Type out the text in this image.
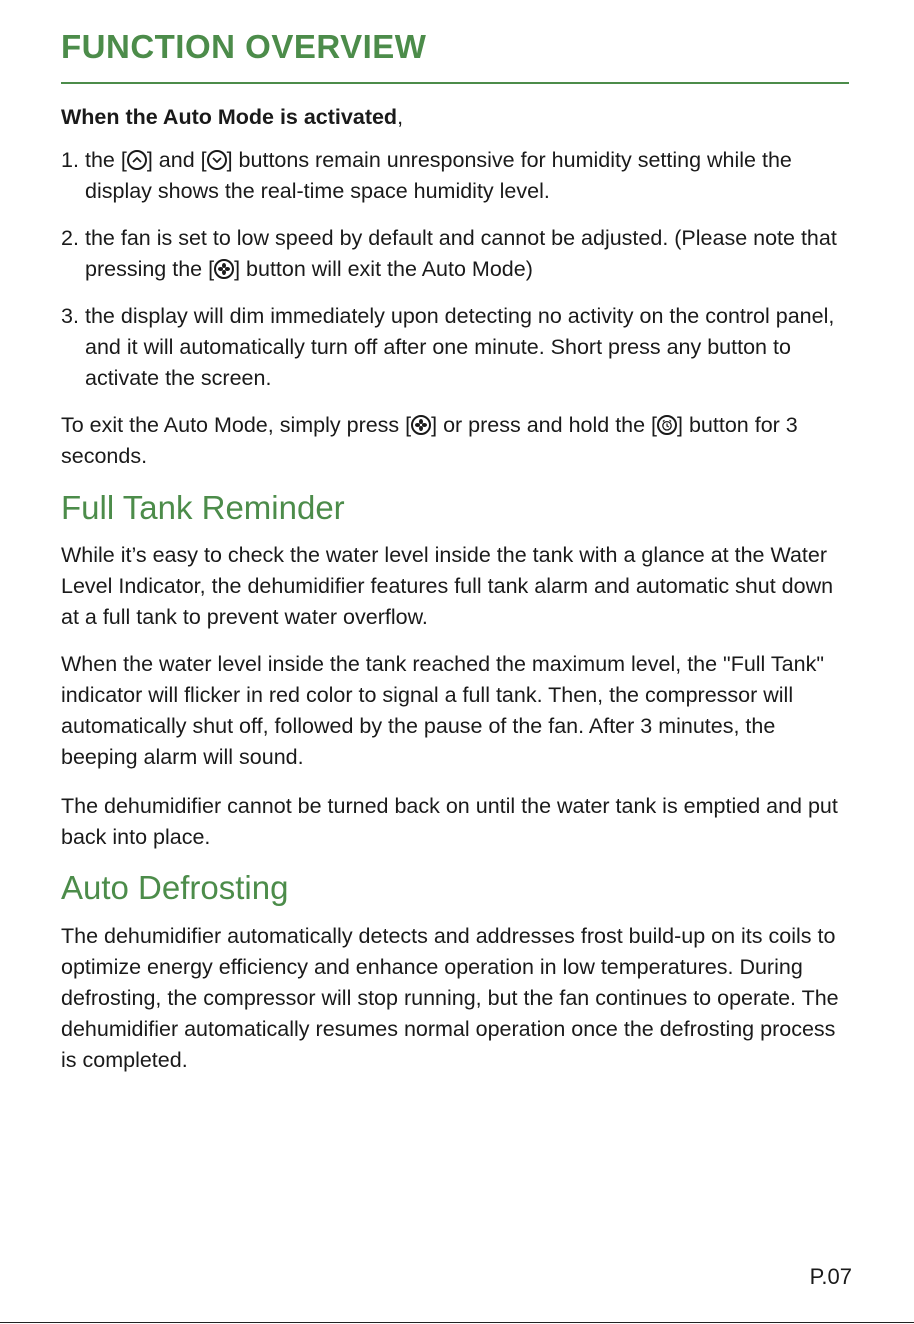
FUNCTION OVERVIEW

When the Auto Mode is activated,

1. the [ ] and [ ] buttons remain unresponsive for humidity setting while the display shows the real-time space humidity level.
2. the fan is set to low speed by default and cannot be adjusted. (Please note that pressing the [ ] button will exit the Auto Mode)
3. the display will dim immediately upon detecting no activity on the control panel, and it will automatically turn off after one minute. Short press any button to activate the screen.

To exit the Auto Mode, simply press [ ] or press and hold the [ ] button for 3 seconds.

Full Tank Reminder

While it’s easy to check the water level inside the tank with a glance at the Water Level Indicator, the dehumidifier features full tank alarm and automatic shut down at a full tank to prevent water overflow.

When the water level inside the tank reached the maximum level, the "Full Tank" indicator will flicker in red color to signal a full tank. Then, the compressor will automatically shut off, followed by the pause of the fan. After 3 minutes, the beeping alarm will sound.

The dehumidifier cannot be turned back on until the water tank is emptied and put back into place.

Auto Defrosting

The dehumidifier automatically detects and addresses frost build-up on its coils to optimize energy efficiency and enhance operation in low temperatures. During defrosting, the compressor will stop running, but the fan continues to operate. The dehumidifier automatically resumes normal operation once the defrosting process is completed.

P.07
